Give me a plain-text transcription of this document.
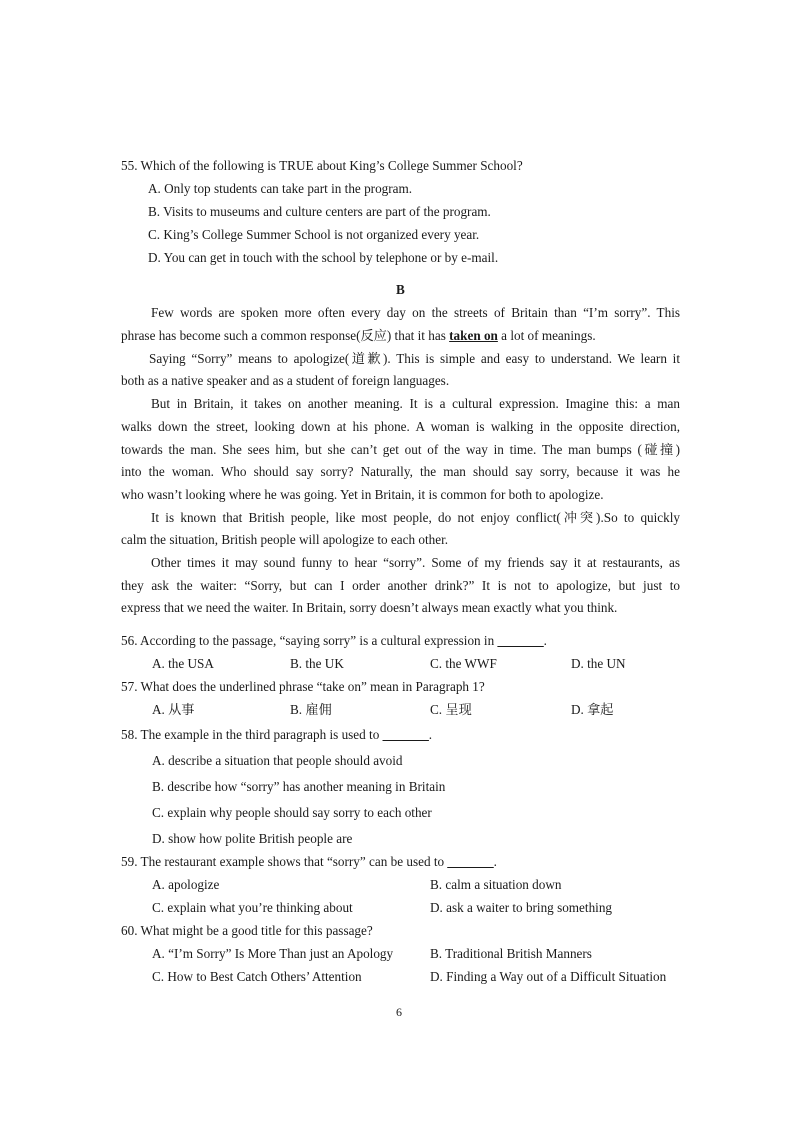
55. Which of the following is TRUE about King’s College Summer School?
A. Only top students can take part in the program.
B. Visits to museums and culture centers are part of the program.
C. King’s College Summer School is not organized every year.
D. You can get in touch with the school by telephone or by e-mail.
B
Few words are spoken more often every day on the streets of Britain than “I’m sorry”. This
phrase has become such a common response(反应) that it has taken on a lot of meanings.
Saying “Sorry” means to apologize(道歉). This is simple and easy to understand. We learn it
both as a native speaker and as a student of foreign languages.
But in Britain, it takes on another meaning. It is a cultural expression. Imagine this: a man
walks down the street, looking down at his phone. A woman is walking in the opposite direction,
towards the man. She sees him, but she can’t get out of the way in time. The man bumps (碰撞)
into the woman. Who should say sorry? Naturally, the man should say sorry, because it was he
who wasn’t looking where he was going. Yet in Britain, it is common for both to apologize.
It is known that British people, like most people, do not enjoy conflict(冲突).So to quickly
calm the situation, British people will apologize to each other.
Other times it may sound funny to hear “sorry”. Some of my friends say it at restaurants, as
they ask the waiter: “Sorry, but can I order another drink?” It is not to apologize, but just to
express that we need the waiter. In Britain, sorry doesn’t always mean exactly what you think.
56. According to the passage, “saying sorry” is a cultural expression in _______.
A. the USA	B. the UK	C. the WWF	D. the UN
57. What does the underlined phrase “take on” mean in Paragraph 1?
A. 从事	B. 雇佣	C. 呈现	D. 拿起
58. The example in the third paragraph is used to _______.
A. describe a situation that people should avoid
B. describe how “sorry” has another meaning in Britain
C. explain why people should say sorry to each other
D. show how polite British people are
59. The restaurant example shows that “sorry” can be used to _______.
A. apologize	B. calm a situation down
C. explain what you’re thinking about	D. ask a waiter to bring something
60. What might be a good title for this passage?
A. “I’m Sorry” Is More Than just an Apology	B. Traditional British Manners
C. How to Best Catch Others’ Attention	D. Finding a Way out of a Difficult Situation
6
